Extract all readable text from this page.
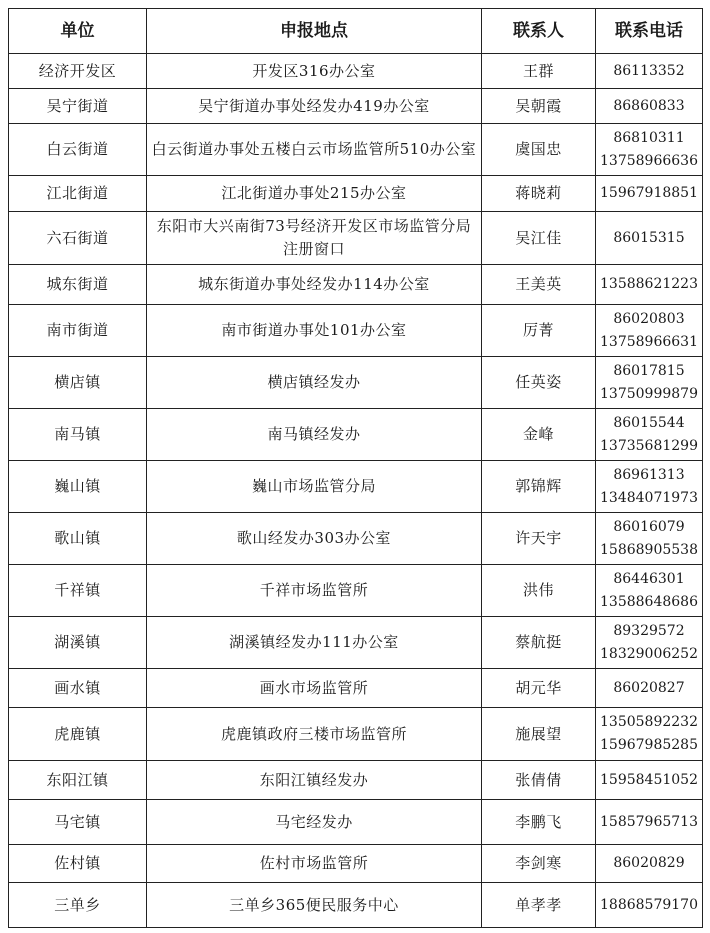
单位	申报地点	联系人	联系电话
经济开发区	开发区316办公室	王群	86113352

吴宁街道	吴宁街道办事处经发办419办公室	吴朝霞	86860833

白云街道	白云街道办事处五楼白云市场监管所510办公室	虞国忠	86810311
13758966636

江北街道	江北街道办事处215办公室	蒋晓莉	15967918851

六石街道	东阳市大兴南街73号经济开发区市场监管分局注册窗口	吴江佳	86015315

城东街道	城东街道办事处经发办114办公室	王美英	13588621223

南市街道	南市街道办事处101办公室	厉菁	86020803
13758966631

横店镇	横店镇经发办	任英姿	86017815
13750999879

南马镇	南马镇经发办	金峰	86015544
13735681299

巍山镇	巍山市场监管分局	郭锦辉	86961313
13484071973

歌山镇	歌山经发办303办公室	许天宇	86016079
15868905538

千祥镇	千祥市场监管所	洪伟	86446301
13588648686

湖溪镇	湖溪镇经发办111办公室	蔡航挺	89329572
18329006252

画水镇	画水市场监管所	胡元华	86020827

虎鹿镇	虎鹿镇政府三楼市场监管所	施展望	13505892232
15967985285

东阳江镇	东阳江镇经发办	张倩倩	15958451052

马宅镇	马宅经发办	李鹏飞	15857965713

佐村镇	佐村市场监管所	李剑寒	86020829

三单乡	三单乡365便民服务中心	单孝孝	18868579170
